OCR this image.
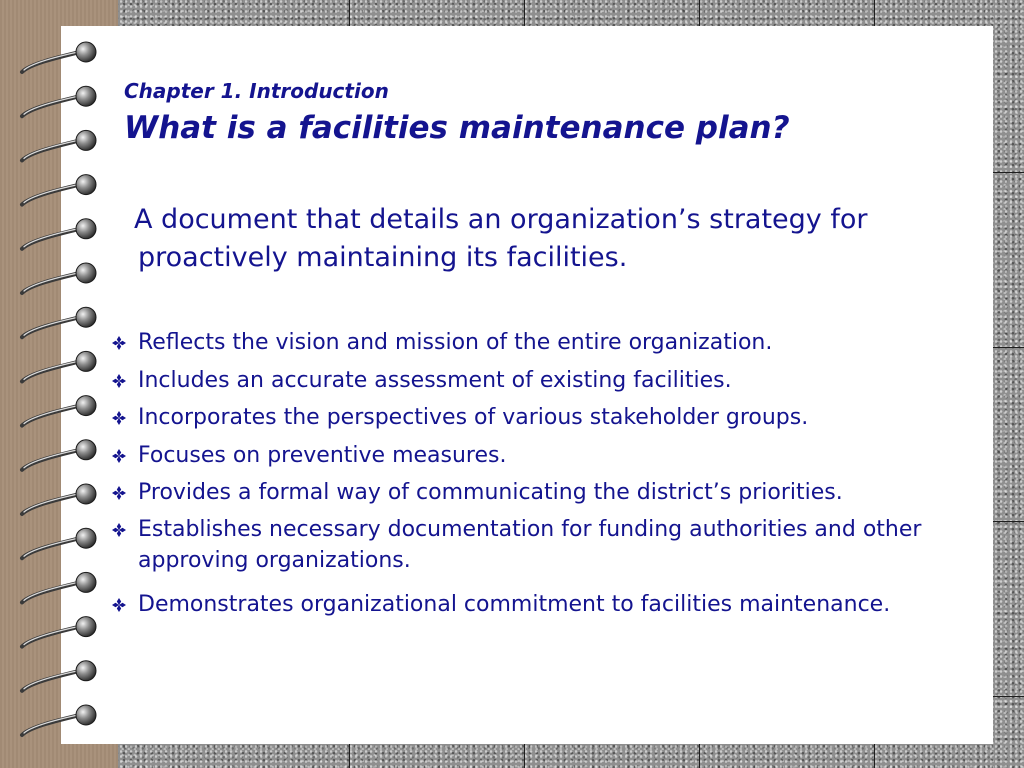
Chapter 1. Introduction
What is a facilities maintenance plan?

A document that details an organization’s strategy for proactively maintaining its facilities.

Reflects the vision and mission of the entire organization.
Includes an accurate assessment of existing facilities.
Incorporates the perspectives of various stakeholder groups.
Focuses on preventive measures.
Provides a formal way of communicating the district’s priorities.
Establishes necessary documentation for funding authorities and other approving organizations.
Demonstrates organizational commitment to facilities maintenance.
